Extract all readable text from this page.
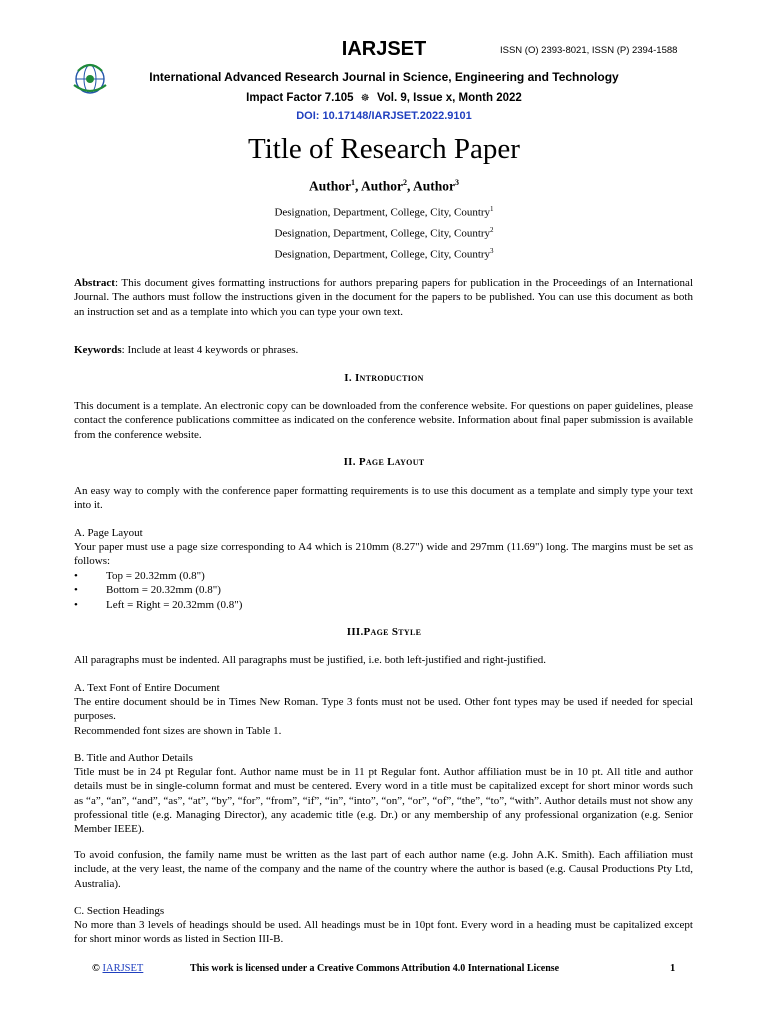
IARJSET	ISSN (O) 2393-8021, ISSN (P) 2394-1588
International Advanced Research Journal in Science, Engineering and Technology
Impact Factor 7.105 ☸ Vol. 9, Issue x, Month 2022
DOI: 10.17148/IARJSET.2022.9101
Title of Research Paper
Author$^1$, Author$^2$, Author$^3$
Designation, Department, College, City, Country$^1$
Designation, Department, College, City, Country$^2$
Designation, Department, College, City, Country$^3$

Abstract: This document gives formatting instructions for authors preparing papers for publication in the Proceedings of an International Journal. The authors must follow the instructions given in the document for the papers to be published. You can use this document as both an instruction set and as a template into which you can type your own text.

Keywords: Include at least 4 keywords or phrases.

I. Introduction

This document is a template. An electronic copy can be downloaded from the conference website. For questions on paper guidelines, please contact the conference publications committee as indicated on the conference website. Information about final paper submission is available from the conference website.

II. Page Layout

An easy way to comply with the conference paper formatting requirements is to use this document as a template and simply type your text into it.

A. Page Layout

Your paper must use a page size corresponding to A4 which is 210mm (8.27") wide and 297mm (11.69") long. The margins must be set as follows:

•	Top = 20.32mm (0.8")
•	Bottom = 20.32mm (0.8")
•	Left = Right = 20.32mm (0.8")
III.Page Style

All paragraphs must be indented. All paragraphs must be justified, i.e. both left-justified and right-justified.

A. Text Font of Entire Document

The entire document should be in Times New Roman. Type 3 fonts must not be used. Other font types may be used if needed for special purposes.

Recommended font sizes are shown in Table 1.

B. Title and Author Details

Title must be in 24 pt Regular font. Author name must be in 11 pt Regular font. Author affiliation must be in 10 pt. All title and author details must be in single-column format and must be centered. Every word in a title must be capitalized except for short minor words such as “a”, “an”, “and”, “as”, “at”, “by”, “for”, “from”, “if”, “in”, “into”, “on”, “or”, “of”, “the”, “to”, “with”. Author details must not show any professional title (e.g. Managing Director), any academic title (e.g. Dr.) or any membership of any professional organization (e.g. Senior Member IEEE).

To avoid confusion, the family name must be written as the last part of each author name (e.g. John A.K. Smith). Each affiliation must include, at the very least, the name of the company and the name of the country where the author is based (e.g. Causal Productions Pty Ltd, Australia).

C. Section Headings

No more than 3 levels of headings should be used. All headings must be in 10pt font. Every word in a heading must be capitalized except for short minor words as listed in Section III-B.

© IARJSET	This work is licensed under a Creative Commons Attribution 4.0 International License	1
